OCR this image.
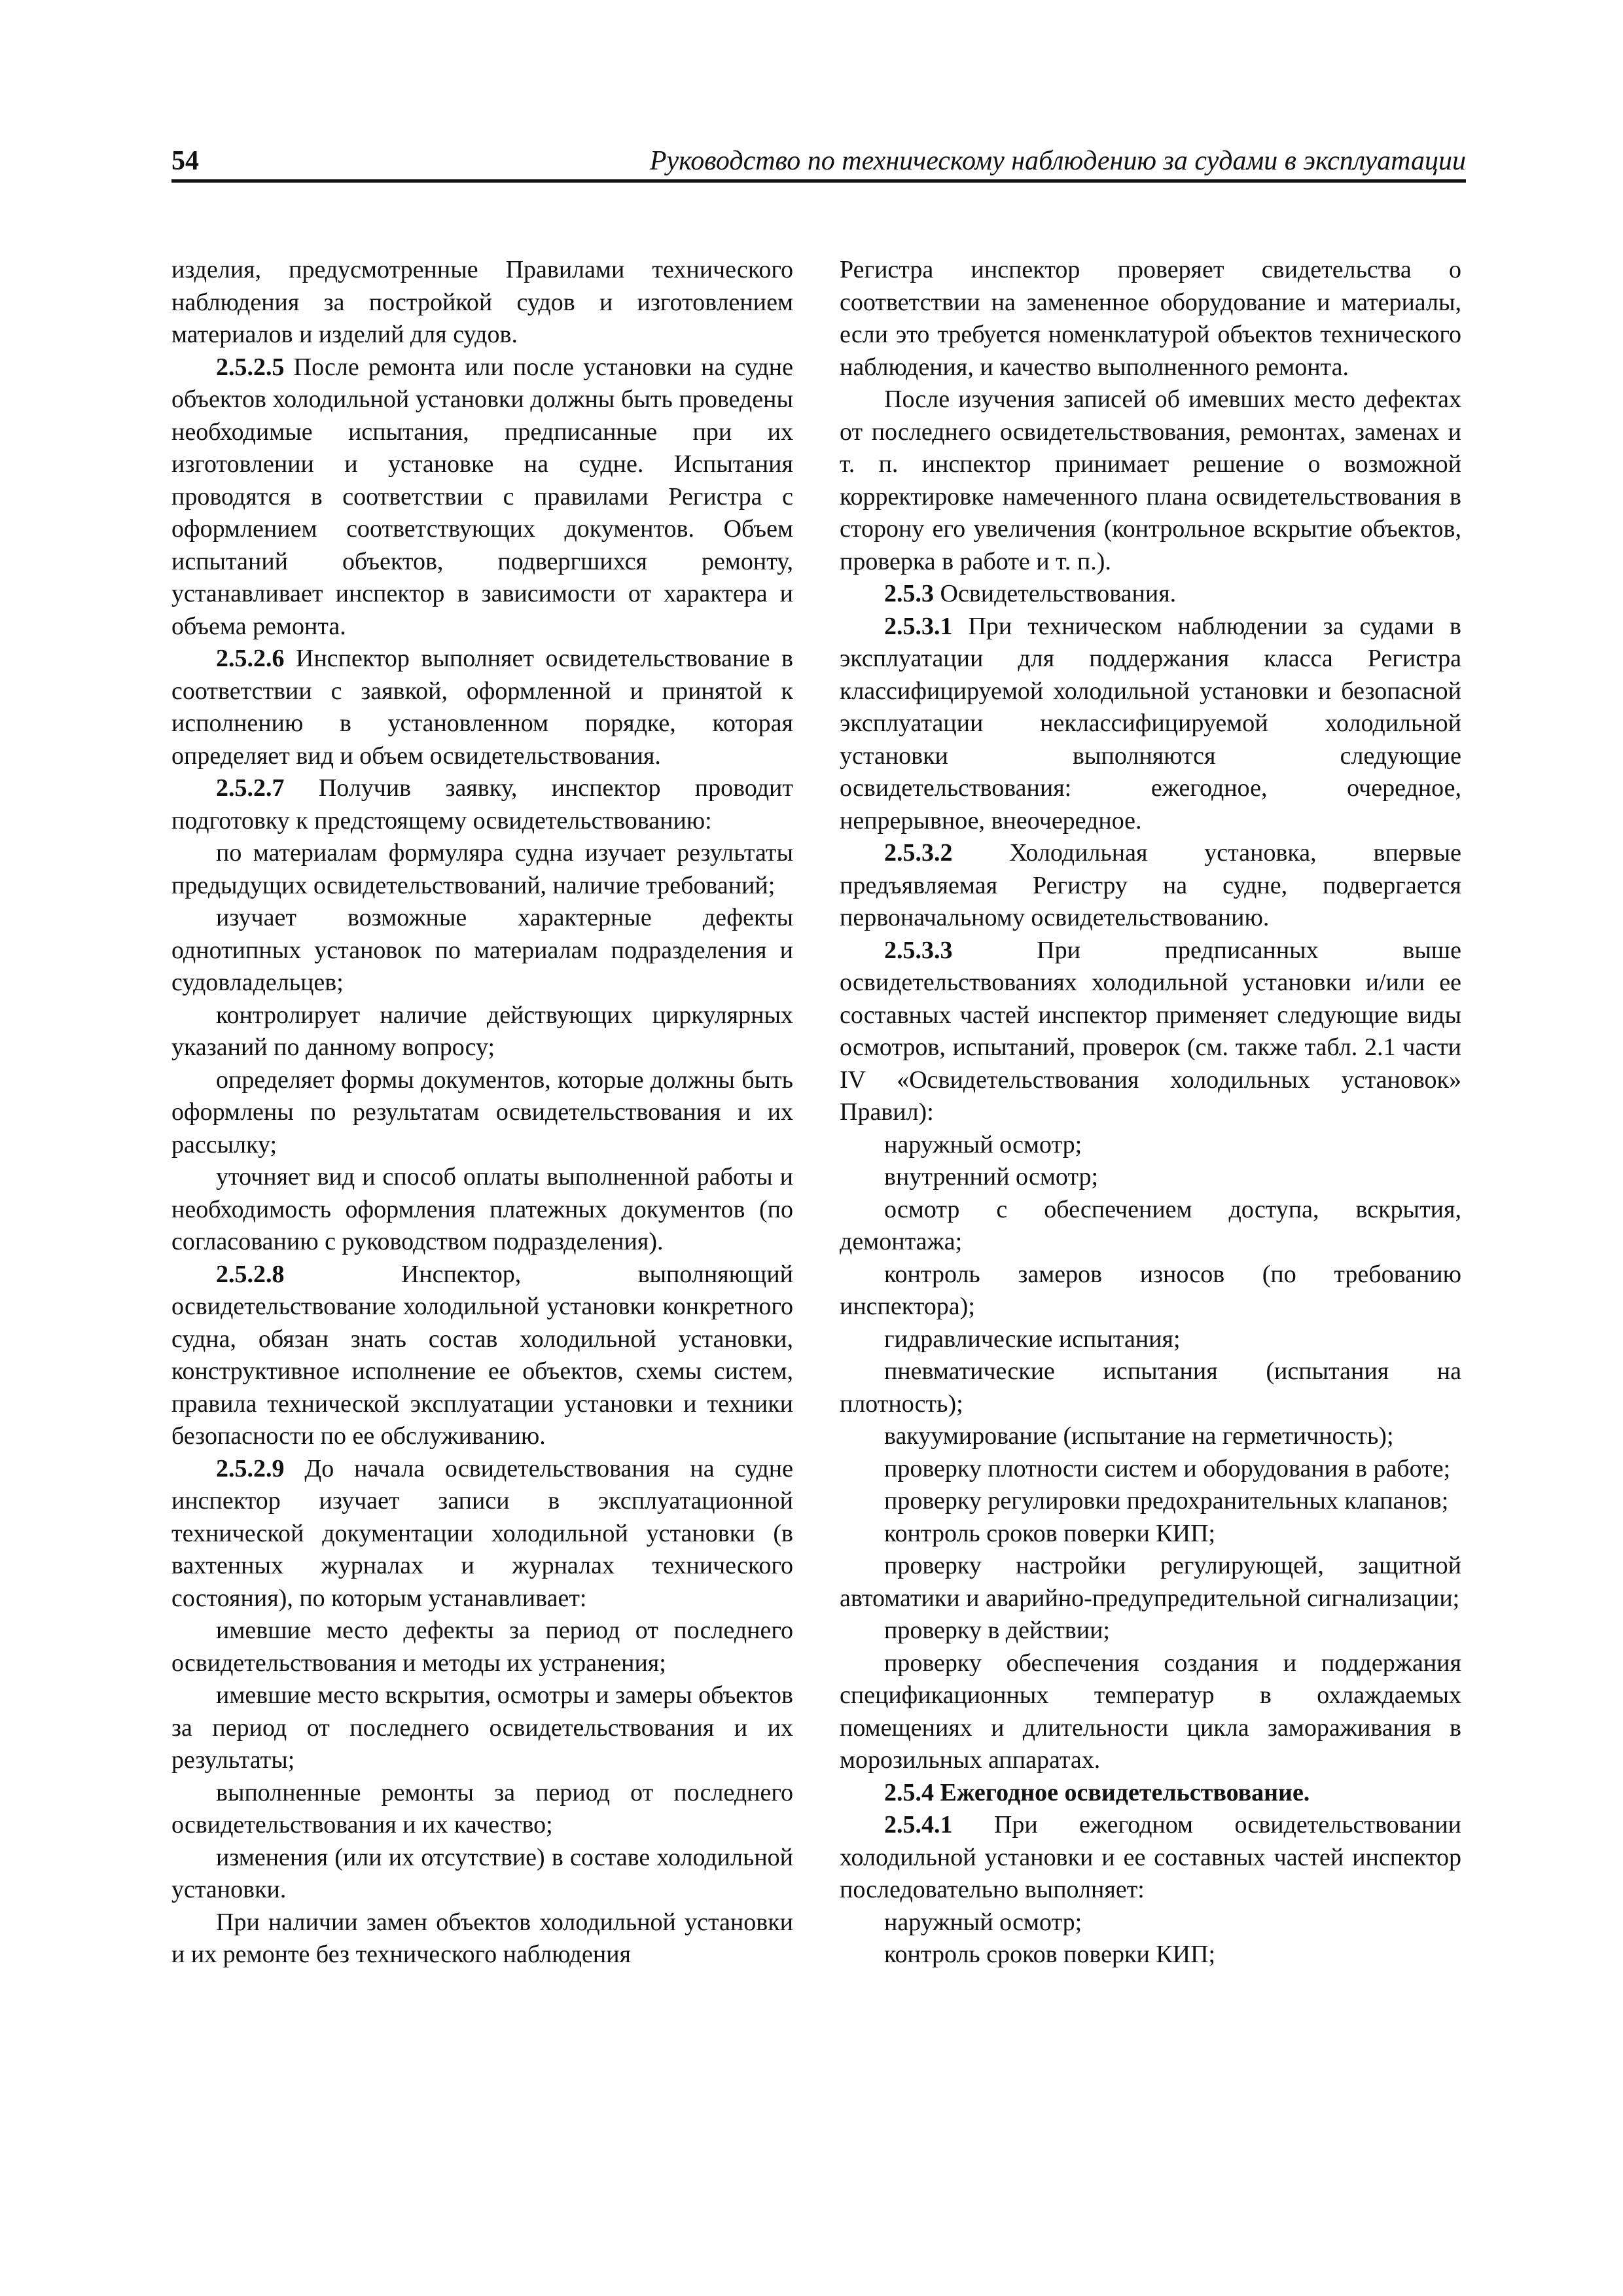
54	Руководство по техническому наблюдению за судами в эксплуатации

изделия, предусмотренные Правилами технического наблюдения за постройкой судов и изготовлением материалов и изделий для судов.

2.5.2.5 После ремонта или после установки на судне объектов холодильной установки должны быть проведены необходимые испытания, предписанные при их изготовлении и установке на судне. Испытания проводятся в соответствии с правилами Регистра с оформлением соответствующих документов. Объем испытаний объектов, подвергшихся ремонту, устанавливает инспектор в зависимости от характера и объема ремонта.

2.5.2.6 Инспектор выполняет освидетельствование в соответствии с заявкой, оформленной и принятой к исполнению в установленном порядке, которая определяет вид и объем освидетельствования.

2.5.2.7 Получив заявку, инспектор проводит подготовку к предстоящему освидетельствованию:

по материалам формуляра судна изучает результаты предыдущих освидетельствований, наличие требований;

изучает возможные характерные дефекты однотипных установок по материалам подразделения и судовладельцев;

контролирует наличие действующих циркулярных указаний по данному вопросу;

определяет формы документов, которые должны быть оформлены по результатам освидетельствования и их рассылку;

уточняет вид и способ оплаты выполненной работы и необходимость оформления платежных документов (по согласованию с руководством подразделения).

2.5.2.8 Инспектор, выполняющий освидетельствование холодильной установки конкретного судна, обязан знать состав холодильной установки, конструктивное исполнение ее объектов, схемы систем, правила технической эксплуатации установки и техники безопасности по ее обслуживанию.

2.5.2.9 До начала освидетельствования на судне инспектор изучает записи в эксплуатационной технической документации холодильной установки (в вахтенных журналах и журналах технического состояния), по которым устанавливает:

имевшие место дефекты за период от последнего освидетельствования и методы их устранения;

имевшие место вскрытия, осмотры и замеры объектов за период от последнего освидетельствования и их результаты;

выполненные ремонты за период от последнего освидетельствования и их качество;

изменения (или их отсутствие) в составе холодильной установки.

При наличии замен объектов холодильной установки и их ремонте без технического наблюдения

Регистра инспектор проверяет свидетельства о соответствии на замененное оборудование и материалы, если это требуется номенклатурой объектов технического наблюдения, и качество выполненного ремонта.

После изучения записей об имевших место дефектах от последнего освидетельствования, ремонтах, заменах и т. п. инспектор принимает решение о возможной корректировке намеченного плана освидетельствования в сторону его увеличения (контрольное вскрытие объектов, проверка в работе и т. п.).

2.5.3 Освидетельствования.

2.5.3.1 При техническом наблюдении за судами в эксплуатации для поддержания класса Регистра классифицируемой холодильной установки и безопасной эксплуатации неклассифицируемой холодильной установки выполняются следующие освидетельствования: ежегодное, очередное, непрерывное, внеочередное.

2.5.3.2 Холодильная установка, впервые предъявляемая Регистру на судне, подвергается первоначальному освидетельствованию.

2.5.3.3 При предписанных выше освидетельствованиях холодильной установки и/или ее составных частей инспектор применяет следующие виды осмотров, испытаний, проверок (см. также табл. 2.1 части IV «Освидетельствования холодильных установок» Правил):

наружный осмотр;

внутренний осмотр;

осмотр с обеспечением доступа, вскрытия, демонтажа;

контроль замеров износов (по требованию инспектора);

гидравлические испытания;

пневматические испытания (испытания на плотность);

вакуумирование (испытание на герметичность);

проверку плотности систем и оборудования в работе;

проверку регулировки предохранительных клапанов;

контроль сроков поверки КИП;

проверку настройки регулирующей, защитной автоматики и аварийно-предупредительной сигнализации;

проверку в действии;

проверку обеспечения создания и поддержания спецификационных температур в охлаждаемых помещениях и длительности цикла замораживания в морозильных аппаратах.

2.5.4 Ежегодное освидетельствование.

2.5.4.1 При ежегодном освидетельствовании холодильной установки и ее составных частей инспектор последовательно выполняет:

наружный осмотр;

контроль сроков поверки КИП;
